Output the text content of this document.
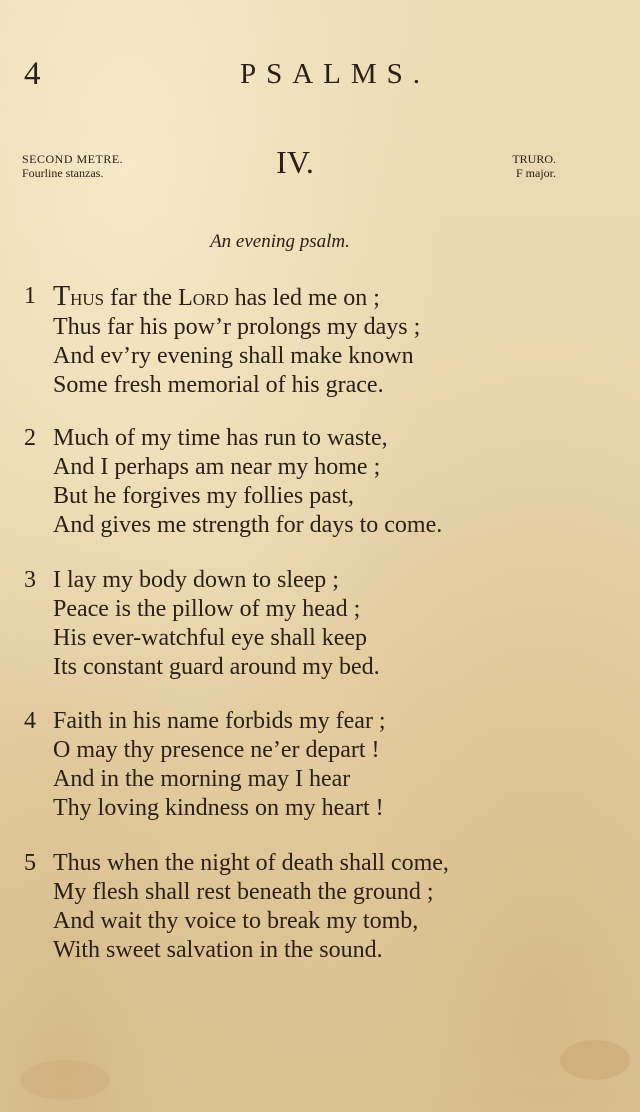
4	PSALMS.
SECOND METRE.
Fourline stanzas.	IV.	TRURO.
F major.
An evening psalm.
1 Thus far the Lord has led me on ;
Thus far his pow’r prolongs my days ;
And ev’ry evening shall make known
Some fresh memorial of his grace.
2 Much of my time has run to waste,
And I perhaps am near my home ;
But he forgives my follies past,
And gives me strength for days to come.
3 I lay my body down to sleep ;
Peace is the pillow of my head ;
His ever-watchful eye shall keep
Its constant guard around my bed.
4 Faith in his name forbids my fear ;
O may thy presence ne’er depart !
And in the morning may I hear
Thy loving kindness on my heart !
5 Thus when the night of death shall come,
My flesh shall rest beneath the ground ;
And wait thy voice to break my tomb,
With sweet salvation in the sound.
